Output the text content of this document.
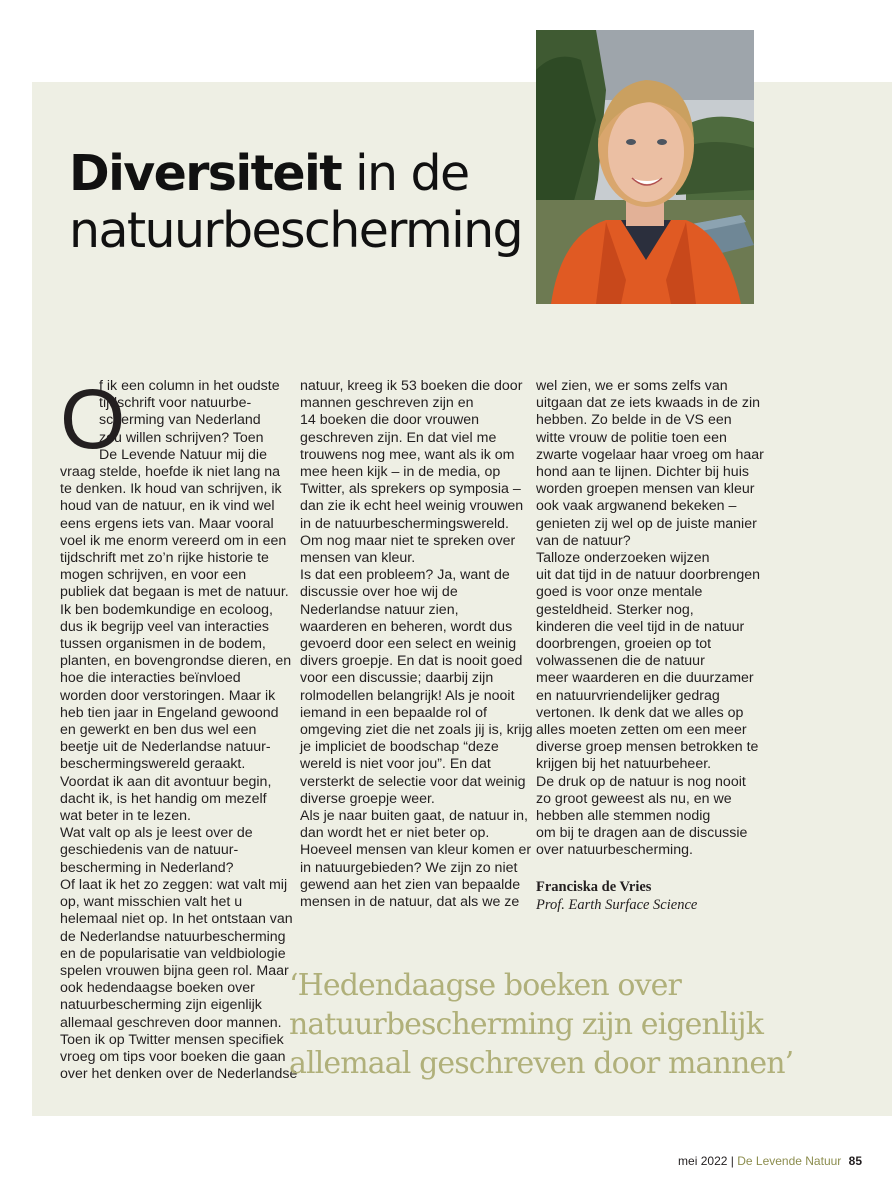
Diversiteit in de
natuurbescherming
O

f ik een column in het oudste

tijdschrift voor natuurbe-

scherming van Nederland

zou willen schrijven? Toen

De Levende Natuur mij die

vraag stelde, hoefde ik niet lang na

te denken. Ik houd van schrijven, ik

houd van de natuur, en ik vind wel

eens ergens iets van. Maar vooral

voel ik me enorm vereerd om in een

tijdschrift met zo’n rijke historie te

mogen schrijven, en voor een

publiek dat begaan is met de natuur.

Ik ben bodemkundige en ecoloog,

dus ik begrijp veel van interacties

tussen organismen in de bodem,

planten, en bovengrondse dieren, en

hoe die interacties beïnvloed

worden door verstoringen. Maar ik

heb tien jaar in Engeland gewoond

en gewerkt en ben dus wel een

beetje uit de Nederlandse natuur-

beschermingswereld geraakt.

Voordat ik aan dit avontuur begin,

dacht ik, is het handig om mezelf

wat beter in te lezen.

Wat valt op als je leest over de

geschiedenis van de natuur-

bescherming in Nederland?

Of laat ik het zo zeggen: wat valt mij

op, want misschien valt het u

helemaal niet op. In het ontstaan van

de Nederlandse natuurbescherming

en de popularisatie van veldbiologie

spelen vrouwen bijna geen rol. Maar

ook hedendaagse boeken over

natuurbescherming zijn eigenlijk

allemaal geschreven door mannen.

Toen ik op Twitter mensen specifiek

vroeg om tips voor boeken die gaan

over het denken over de Nederlandse

natuur, kreeg ik 53 boeken die door

mannen geschreven zijn en

14 boeken die door vrouwen

geschreven zijn. En dat viel me

trouwens nog mee, want als ik om

mee heen kijk – in de media, op

Twitter, als sprekers op symposia –

dan zie ik echt heel weinig vrouwen

in de natuurbeschermingswereld.

Om nog maar niet te spreken over

mensen van kleur.

Is dat een probleem? Ja, want de

discussie over hoe wij de

Nederlandse natuur zien,

waarderen en beheren, wordt dus

gevoerd door een select en weinig

divers groepje. En dat is nooit goed

voor een discussie; daarbij zijn

rolmodellen belangrijk! Als je nooit

iemand in een bepaalde rol of

omgeving ziet die net zoals jij is, krijg

je impliciet de boodschap “deze

wereld is niet voor jou”. En dat

versterkt de selectie voor dat weinig

diverse groepje weer.

Als je naar buiten gaat, de natuur in,

dan wordt het er niet beter op.

Hoeveel mensen van kleur komen er

in natuurgebieden? We zijn zo niet

gewend aan het zien van bepaalde

mensen in de natuur, dat als we ze

wel zien, we er soms zelfs van

uitgaan dat ze iets kwaads in de zin

hebben. Zo belde in de VS een

witte vrouw de politie toen een

zwarte vogelaar haar vroeg om haar

hond aan te lijnen. Dichter bij huis

worden groepen mensen van kleur

ook vaak argwanend bekeken –

genieten zij wel op de juiste manier

van de natuur?

Talloze onderzoeken wijzen

uit dat tijd in de natuur doorbrengen

goed is voor onze mentale

gesteldheid. Sterker nog,

kinderen die veel tijd in de natuur

doorbrengen, groeien op tot

volwassenen die de natuur

meer waarderen en die duurzamer

en natuurvriendelijker gedrag

vertonen. Ik denk dat we alles op

alles moeten zetten om een meer

diverse groep mensen betrokken te

krijgen bij het natuurbeheer.

De druk op de natuur is nog nooit

zo groot geweest als nu, en we

hebben alle stemmen nodig

om bij te dragen aan de discussie

over natuurbescherming.

Franciska de Vries
Prof. Earth Surface Science

‘Hedendaagse boeken over

natuurbescherming zijn eigenlijk

allemaal geschreven door mannen’

mei 2022 | De Levende Natuur 85
